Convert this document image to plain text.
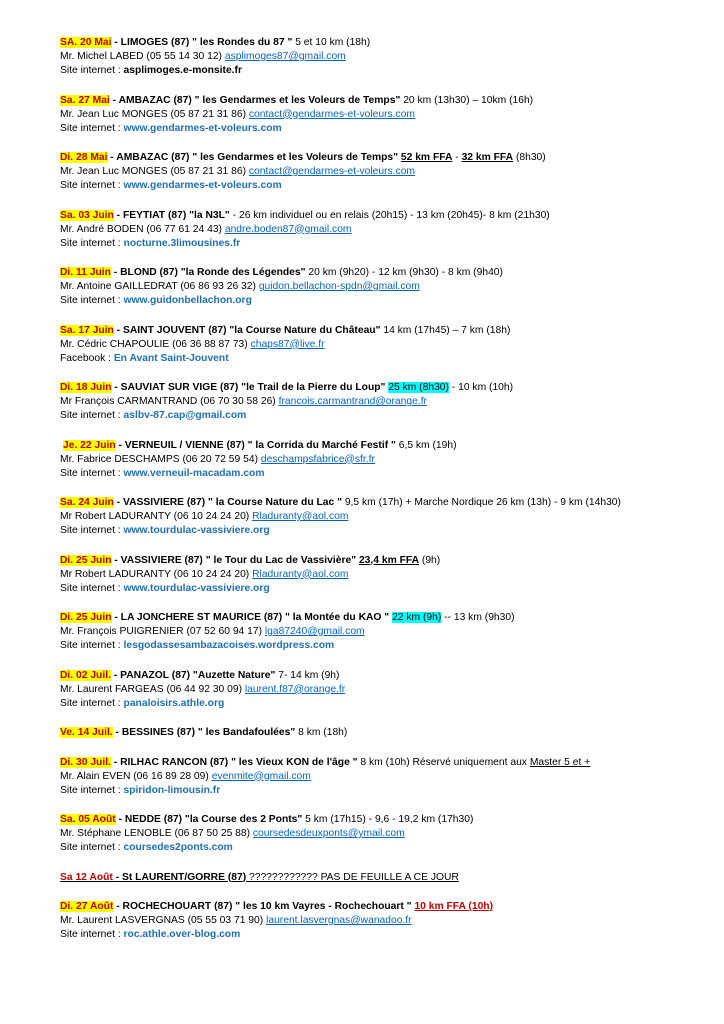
SA. 20 Mai - LIMOGES (87) " les Rondes du 87 " 5 et 10 km (18h)
Mr. Michel LABED (05 55 14 30 12) asplimoges87@gmail.com
Site internet : asplimoges.e-monsite.fr
Sa. 27 Mai - AMBAZAC (87) " les Gendarmes et les Voleurs de Temps" 20 km (13h30) – 10km (16h)
Mr. Jean Luc MONGES (05 87 21 31 86) contact@gendarmes-et-voleurs.com
Site internet : www.gendarmes-et-voleurs.com
Di. 28 Mai - AMBAZAC (87) " les Gendarmes et les Voleurs de Temps" 52 km FFA - 32 km FFA (8h30)
Mr. Jean Luc MONGES (05 87 21 31 86) contact@gendarmes-et-voleurs.com
Site internet : www.gendarmes-et-voleurs.com
Sa. 03 Juin - FEYTIAT (87) "la N3L" - 26 km individuel ou en relais (20h15) - 13 km (20h45)- 8 km (21h30)
Mr. André BODEN (06 77 61 24 43) andre.boden87@gmail.com
Site internet : nocturne.3limousines.fr
Di. 11 Juin - BLOND (87) "la Ronde des Légendes" 20 km (9h20) - 12 km (9h30) - 8 km (9h40)
Mr. Antoine GAILLEDRAT (06 86 93 26 32) guidon.bellachon-spdn@gmail.com
Site internet : www.guidonbellachon.org
Sa. 17 Juin - SAINT JOUVENT (87) "la Course Nature du Château" 14 km (17h45) – 7 km (18h)
Mr. Cédric CHAPOULIE (06 36 88 87 73) chaps87@live.fr
Facebook : En Avant Saint-Jouvent
Di. 18 Juin - SAUVIAT SUR VIGE (87) "le Trail de la Pierre du Loup" 25 km (8h30) - 10 km (10h)
Mr François CARMANTRAND (06 70 30 58 26) francois.carmantrand@orange.fr
Site internet : aslbv-87.cap@gmail.com
Je. 22 Juin - VERNEUIL / VIENNE (87) " la Corrida du Marché Festif " 6,5 km (19h)
Mr. Fabrice DESCHAMPS (06 20 72 59 54) deschampsfabrice@sfr.fr
Site internet : www.verneuil-macadam.com
Sa. 24 Juin - VASSIVIERE (87) " la Course Nature du Lac " 9,5 km (17h) + Marche Nordique 26 km (13h) - 9 km (14h30)
Mr Robert LADURANTY (06 10 24 24 20) Rladuranty@aol.com
Site internet : www.tourdulac-vassiviere.org
Di. 25 Juin - VASSIVIERE (87) " le Tour du Lac de Vassivière" 23,4 km FFA (9h)
Mr Robert LADURANTY (06 10 24 24 20) Rladuranty@aol.com
Site internet : www.tourdulac-vassiviere.org
Di. 25 Juin - LA JONCHERE ST MAURICE (87) " la Montée du KAO " 22 km (9h) -- 13 km (9h30)
Mr. François PUIGRENIER (07 52 60 94 17) lga87240@gmail.com
Site internet : lesgodassesambazacoises.wordpress.com
Di. 02 Juil. - PANAZOL (87) "Auzette Nature" 7- 14 km (9h)
Mr. Laurent FARGEAS (06 44 92 30 09) laurent.f87@orange.fr
Site internet : panaloisirs.athle.org
Ve. 14 Juil. - BESSINES (87) " les Bandafoulées" 8 km (18h)
Di. 30 Juil. - RILHAC RANCON (87) " les Vieux KON de l'âge " 8 km (10h) Réservé uniquement aux Master 5 et +
Mr. Alain EVEN (06 16 89 28 09) evenmite@gmail.com
Site internet : spiridon-limousin.fr
Sa. 05 Août - NEDDE (87) "la Course des 2 Ponts" 5 km (17h15) - 9,6 - 19,2 km (17h30)
Mr. Stéphane LENOBLE (06 87 50 25 88) coursedesdeuxponts@ymail.com
Site internet : coursedes2ponts.com
Sa 12 Août - St LAURENT/GORRE (87) ???????????? PAS DE FEUILLE A CE JOUR
Di. 27 Août - ROCHECHOUART (87) " les 10 km Vayres - Rochechouart " 10 km FFA (10h)
Mr. Laurent LASVERGNAS (05 55 03 71 90) laurent.lasvergnas@wanadoo.fr
Site internet : roc.athle.over-blog.com
